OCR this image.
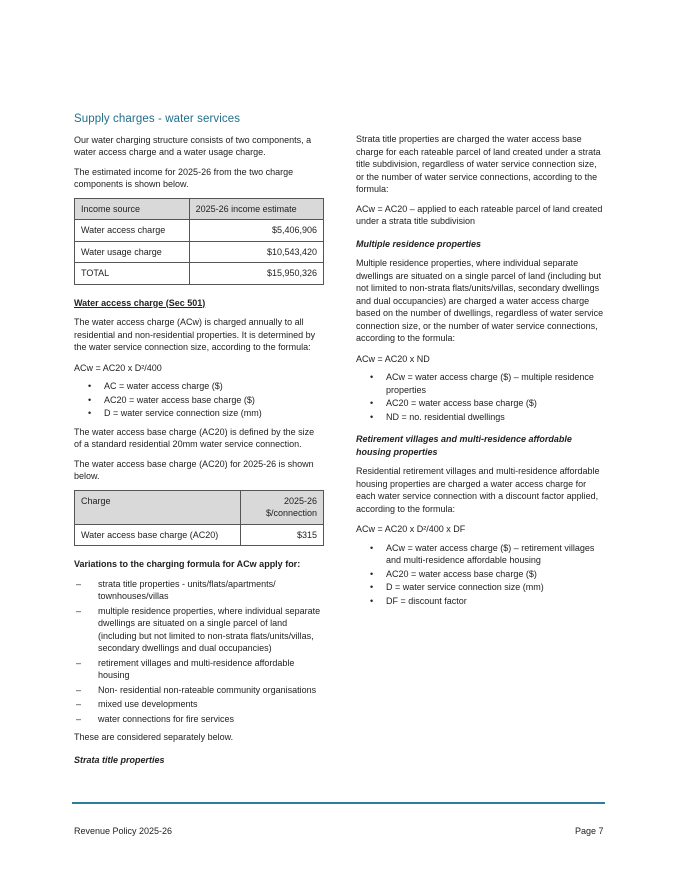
Supply charges - water services

Our water charging structure consists of two components, a water access charge and a water usage charge.

The estimated income for 2025-26 from the two charge components is shown below.

Income source	2025-26 income estimate
Water access charge	$5,406,906
Water usage charge	$10,543,420
TOTAL	$15,950,326
Water access charge (Sec 501)

The water access charge (ACw) is charged annually to all residential and non-residential properties. It is determined by the water service connection size, according to the formula:

ACw = AC20 x D²/400
• AC = water access charge ($)
• AC20 = water access base charge ($)
• D = water service connection size (mm)

The water access base charge (AC20) is defined by the size of a standard residential 20mm water service connection.

The water access base charge (AC20) for 2025-26 is shown below.

Charge	2025-26 $/connection
Water access base charge (AC20)	$315
Variations to the charging formula for ACw apply for:
– strata title properties - units/flats/apartments/ townhouses/villas
– multiple residence properties, where individual separate dwellings are situated on a single parcel of land (including but not limited to non-strata flats/units/villas, secondary dwellings and dual occupancies)
– retirement villages and multi-residence affordable housing
– Non- residential non-rateable community organisations
– mixed use developments
– water connections for fire services

These are considered separately below.

Strata title properties

Strata title properties are charged the water access base charge for each rateable parcel of land created under a strata title subdivision, regardless of water service connection size, or the number of water service connections, according to the formula:

ACw = AC20 – applied to each rateable parcel of land created under a strata title subdivision

Multiple residence properties

Multiple residence properties, where individual separate dwellings are situated on a single parcel of land (including but not limited to non-strata flats/units/villas, secondary dwellings and dual occupancies) are charged a water access charge based on the number of dwellings, regardless of water service connection size, or the number of water service connections, according to the formula:

ACw = AC20 x ND
• ACw = water access charge ($) – multiple residence properties
• AC20 = water access base charge ($)
• ND = no. residential dwellings
Retirement villages and multi-residence affordable housing properties

Residential retirement villages and multi-residence affordable housing properties are charged a water access charge for each water service connection with a discount factor applied, according to the formula:

ACw = AC20 x D²/400 x DF
• ACw = water access charge ($) – retirement villages and multi-residence affordable housing
• AC20 = water access base charge ($)
• D = water service connection size (mm)
• DF = discount factor
Revenue Policy 2025-26	Page 7
